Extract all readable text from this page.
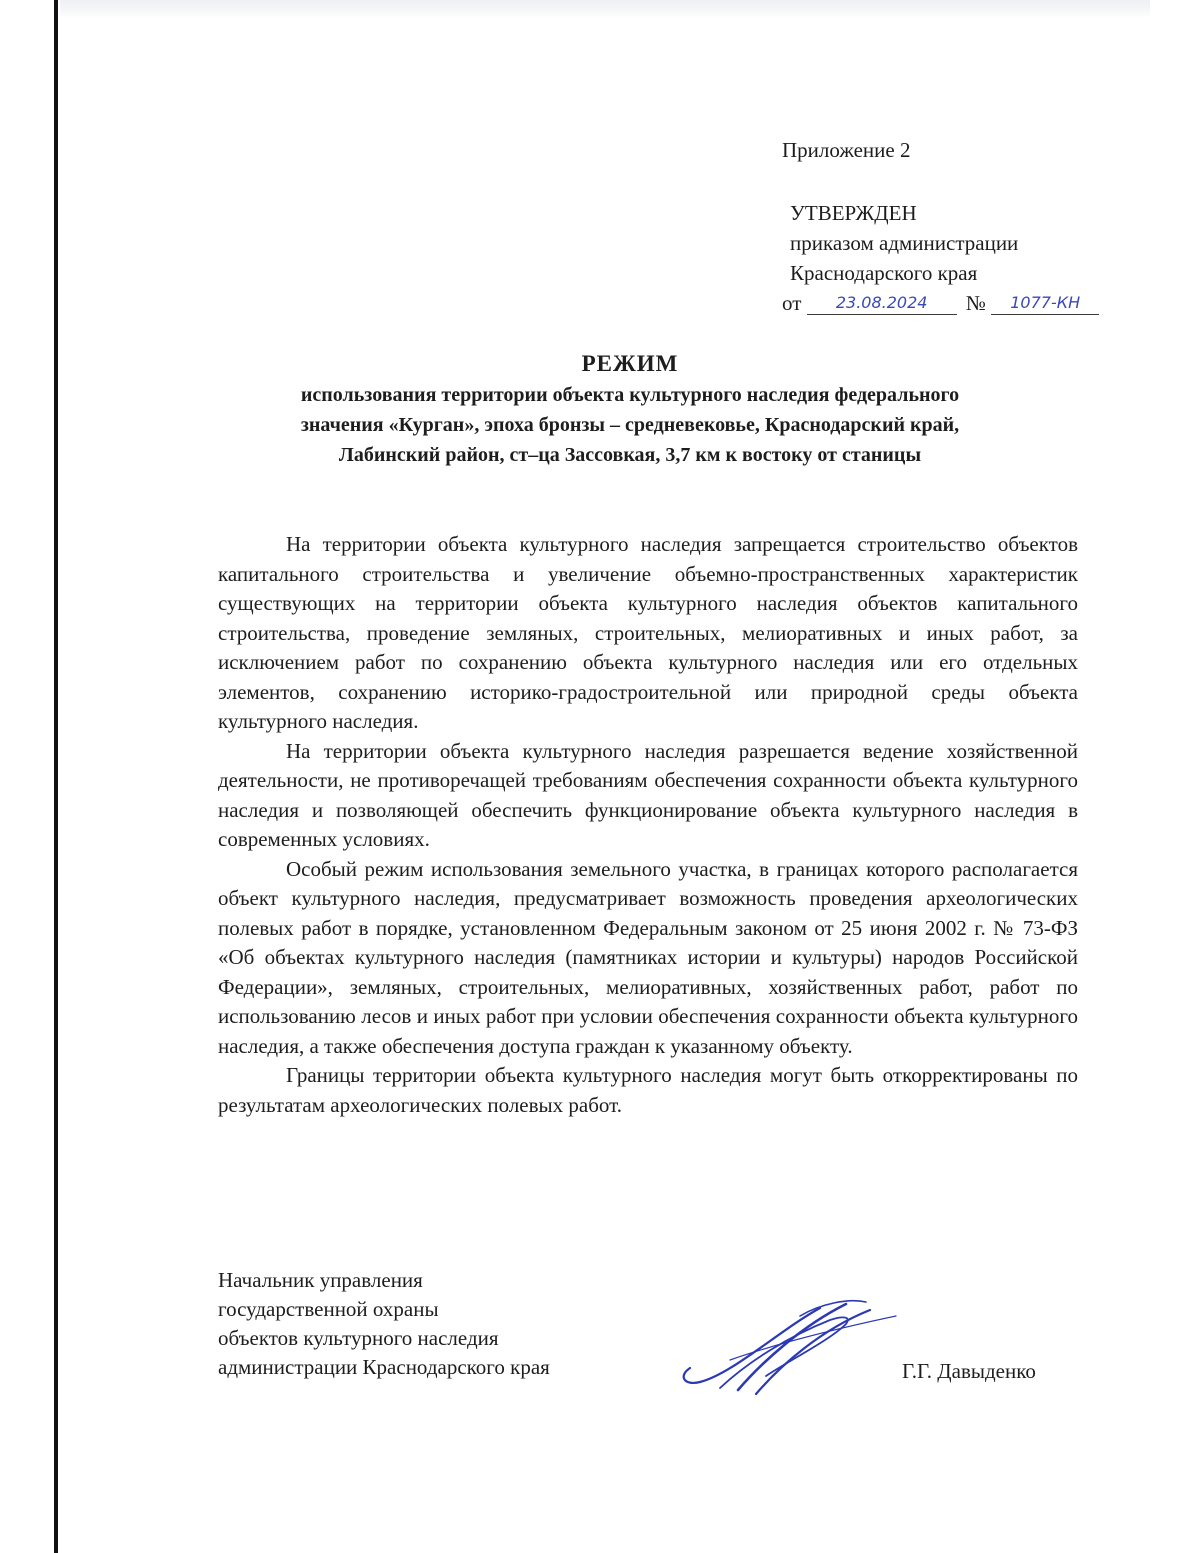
Приложение 2
УТВЕРЖДЕН
приказом администрации
Краснодарского края
от 23.08.2024 № 1077-КН
РЕЖИМ
использования территории объекта культурного наследия федерального
значения «Курган», эпоха бронзы – средневековье, Краснодарский край,
Лабинский район, ст–ца Зассовкая, 3,7 км к востоку от станицы

На территории объекта культурного наследия запрещается строительство объектов капитального строительства и увеличение объемно-пространственных характеристик существующих на территории объекта культурного наследия объектов капитального строительства, проведение земляных, строительных, мелиоративных и иных работ, за исключением работ по сохранению объекта культурного наследия или его отдельных элементов, сохранению историко-градостроительной или природной среды объекта культурного наследия.

На территории объекта культурного наследия разрешается ведение хозяйственной деятельности, не противоречащей требованиям обеспечения сохранности объекта культурного наследия и позволяющей обеспечить функционирование объекта культурного наследия в современных условиях.

Особый режим использования земельного участка, в границах которого располагается объект культурного наследия, предусматривает возможность проведения археологических полевых работ в порядке, установленном Федеральным законом от 25 июня 2002 г. № 73-ФЗ «Об объектах культурного наследия (памятниках истории и культуры) народов Российской Федерации», земляных, строительных, мелиоративных, хозяйственных работ, работ по использованию лесов и иных работ при условии обеспечения сохранности объекта культурного наследия, а также обеспечения доступа граждан к указанному объекту.

Границы территории объекта культурного наследия могут быть откорректированы по результатам археологических полевых работ.

Начальник управления
государственной охраны
объектов культурного наследия
администрации Краснодарского края	Г.Г. Давыденко
